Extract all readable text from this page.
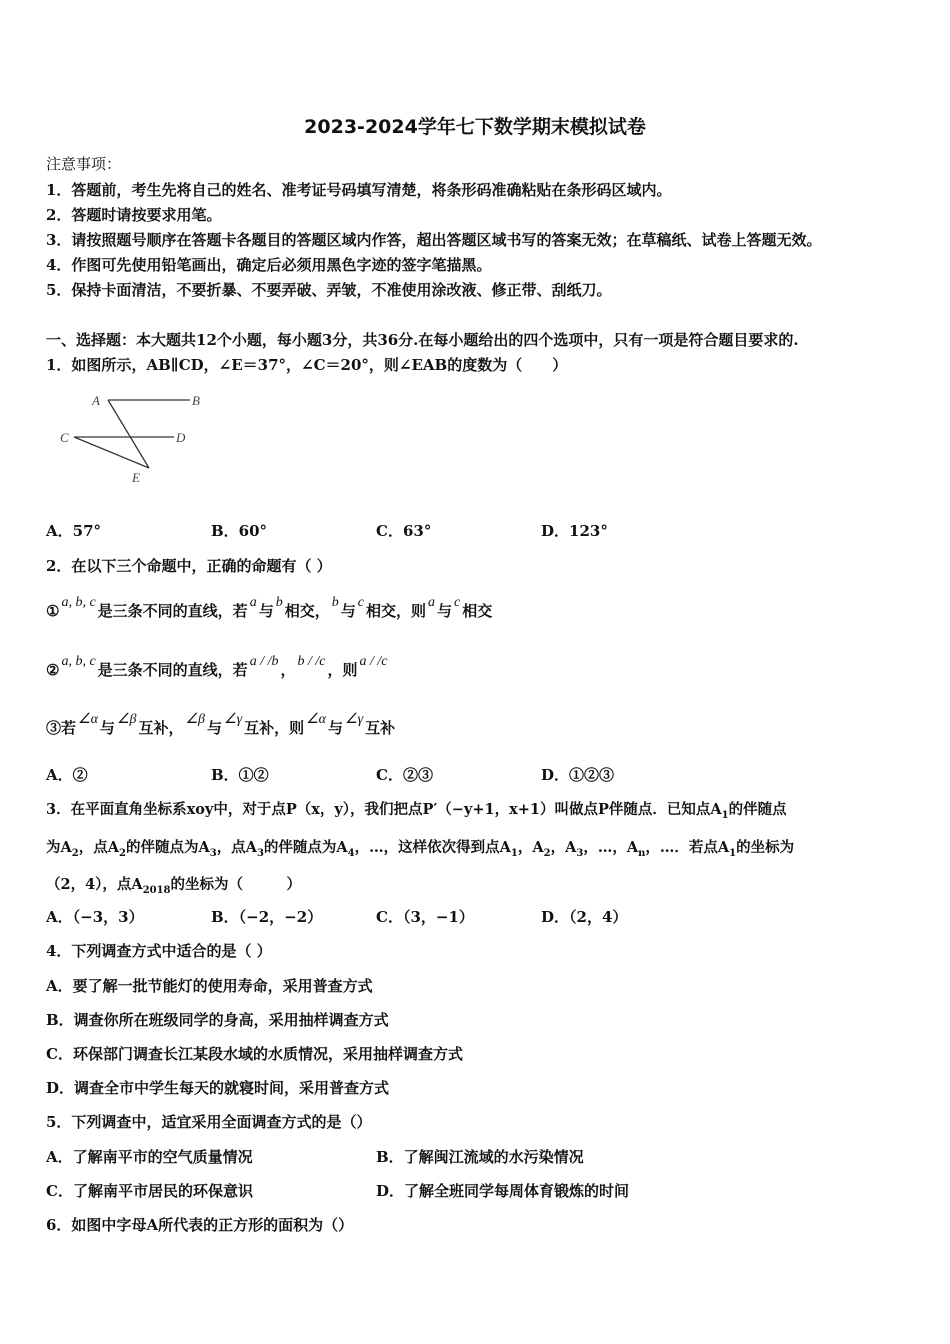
2023-2024学年七下数学期末模拟试卷
注意事项：
1．答题前，考生先将自己的姓名、准考证号码填写清楚，将条形码准确粘贴在条形码区域内。
2．答题时请按要求用笔。
3．请按照题号顺序在答题卡各题目的答题区域内作答，超出答题区域书写的答案无效；在草稿纸、试卷上答题无效。
4．作图可先使用铅笔画出，确定后必须用黑色字迹的签字笔描黑。
5．保持卡面清洁，不要折暴、不要弄破、弄皱，不准使用涂改液、修正带、刮纸刀。
一、选择题：本大题共12个小题，每小题3分，共36分.在每小题给出的四个选项中，只有一项是符合题目要求的.
1．如图所示，AB∥CD，∠E＝37°，∠C＝20°，则∠EAB的度数为（　　）
A	B
C	D
E
A．57°	B．60°	C．63°	D．123°
2．在以下三个命题中，正确的命题有（ ）
① a, b, c 是三条不同的直线，若 a 与 b 相交， b 与 c 相交，则 a 与 c 相交
② a, b, c 是三条不同的直线，若 a / /b ， b / /c ，则 a / /c
③若 ∠α 与 ∠β 互补， ∠β 与 ∠γ 互补，则 ∠α 与 ∠γ 互补
A．②	B．①②	C．②③	D．①②③
3．在平面直角坐标系xoy中，对于点P（x，y），我们把点P′（−y+1，x+1）叫做点P伴随点．已知点$A_1$的伴随点
为$A_2$，点$A_2$的伴随点为$A_3$，点$A_3$的伴随点为$A_4$，…，这样依次得到点$A_1$，$A_2$，$A_3$，…，$A_n$，…．若点$A_1$的坐标为
（2，4），点$A_{2018}$的坐标为（　　　）
A．（−3，3）	B．（−2，−2）	C．（3，−1）	D．（2，4）
4．下列调查方式中适合的是（ ）
A．要了解一批节能灯的使用寿命，采用普查方式
B．调查你所在班级同学的身高，采用抽样调查方式
C．环保部门调查长江某段水域的水质情况，采用抽样调查方式
D．调查全市中学生每天的就寝时间，采用普查方式
5．下列调查中，适宜采用全面调查方式的是（）
A．了解南平市的空气质量情况	B．了解闽江流域的水污染情况
C．了解南平市居民的环保意识	D．了解全班同学每周体育锻炼的时间
6．如图中字母A所代表的正方形的面积为（）
